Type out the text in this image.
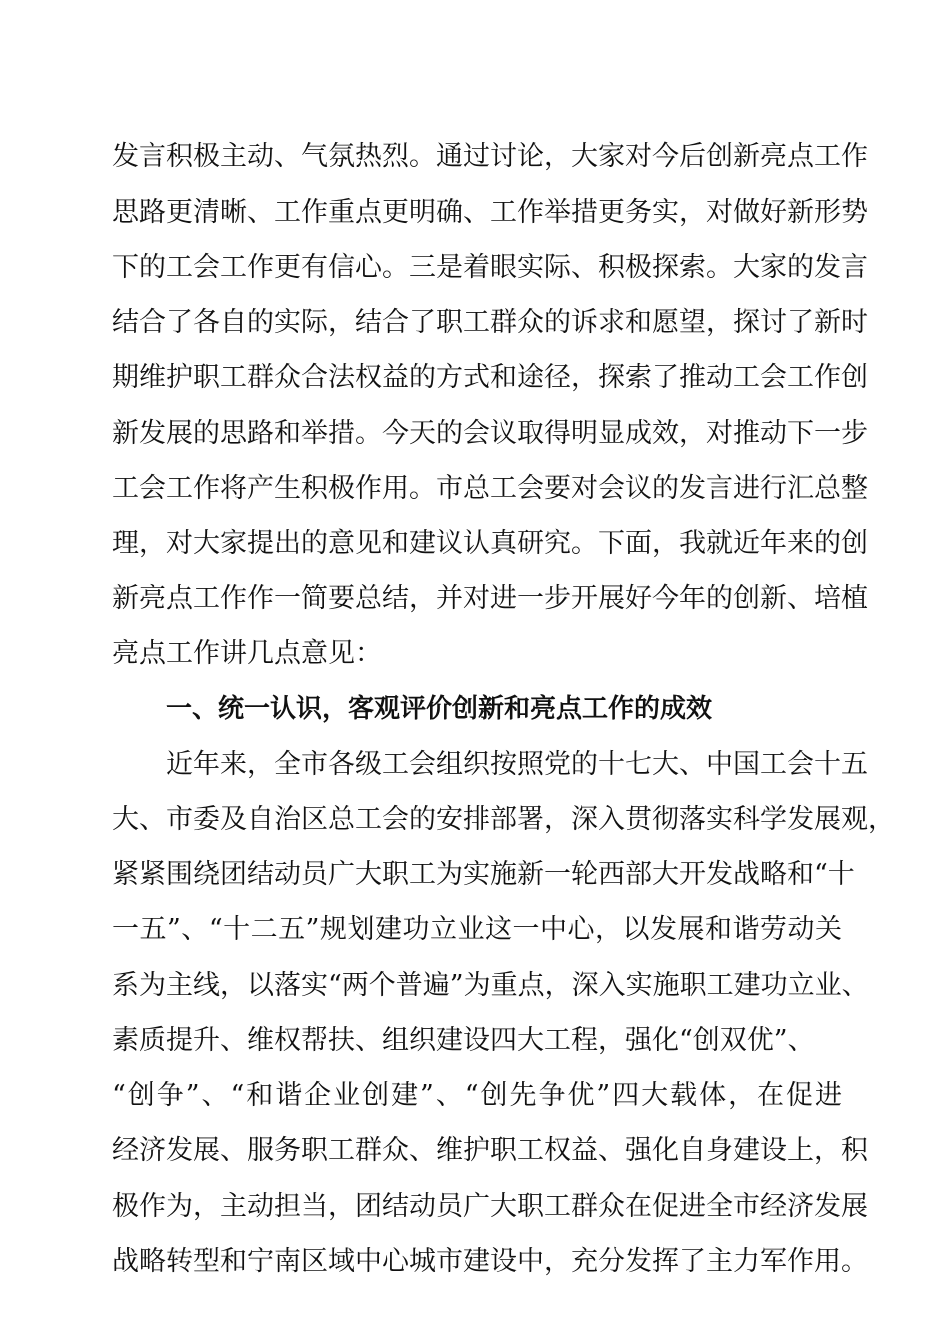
发言积极主动、气氛热烈。通过讨论，大家对今后创新亮点工作

思路更清晰、工作重点更明确、工作举措更务实，对做好新形势

下的工会工作更有信心。三是着眼实际、积极探索。大家的发言

结合了各自的实际，结合了职工群众的诉求和愿望，探讨了新时

期维护职工群众合法权益的方式和途径，探索了推动工会工作创

新发展的思路和举措。今天的会议取得明显成效，对推动下一步

工会工作将产生积极作用。市总工会要对会议的发言进行汇总整

理，对大家提出的意见和建议认真研究。下面，我就近年来的创

新亮点工作作一简要总结，并对进一步开展好今年的创新、培植

亮点工作讲几点意见：

一、统一认识，客观评价创新和亮点工作的成效

近年来，全市各级工会组织按照党的十七大、中国工会十五

大、市委及自治区总工会的安排部署，深入贯彻落实科学发展观，

紧紧围绕团结动员广大职工为实施新一轮西部大开发战略和“十

一五”、“十二五”规划建功立业这一中心，以发展和谐劳动关

系为主线，以落实“两个普遍”为重点，深入实施职工建功立业、

素质提升、维权帮扶、组织建设四大工程，强化“创双优”、

“创争”、“和谐企业创建”、“创先争优”四大载体，在促进

经济发展、服务职工群众、维护职工权益、强化自身建设上，积

极作为，主动担当，团结动员广大职工群众在促进全市经济发展

战略转型和宁南区域中心城市建设中，充分发挥了主力军作用。
